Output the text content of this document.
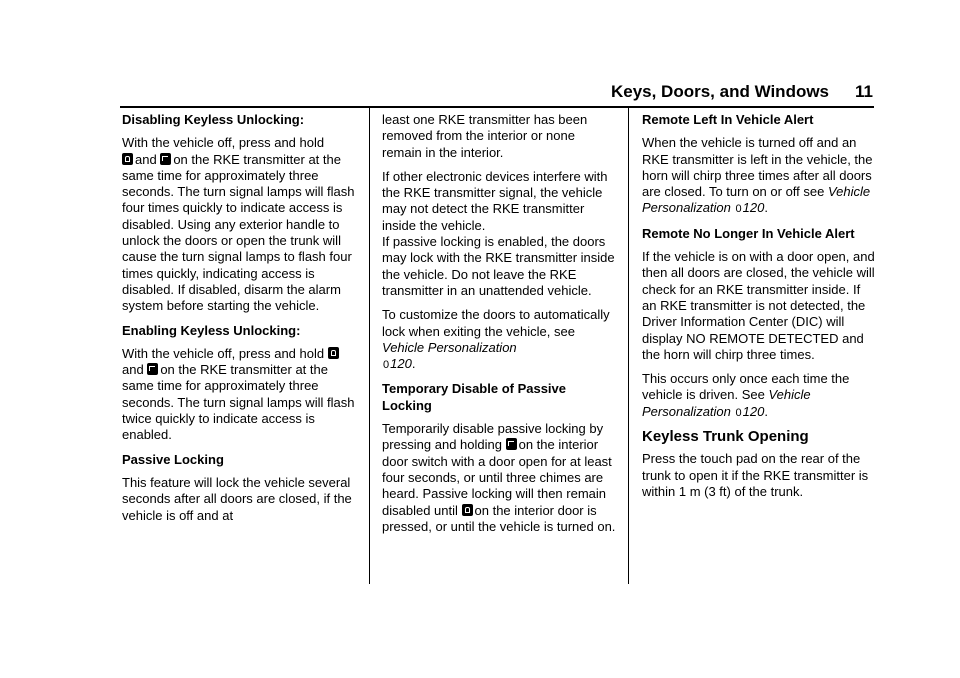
Keys, Doors, and Windows 11

Disabling Keyless Unlocking:

With the vehicle off, press and hold
and on the RKE transmitter at the same time for approximately three seconds. The turn signal lamps will flash four times quickly to indicate access is disabled. Using any exterior handle to unlock the doors or open the trunk will cause the turn signal lamps to flash four times quickly, indicating access is disabled. If disabled, disarm the alarm system before starting the vehicle.

Enabling Keyless Unlocking:

With the vehicle off, press and hold and on the RKE transmitter at the same time for approximately three seconds. The turn signal lamps will flash twice quickly to indicate access is enabled.

Passive Locking

This feature will lock the vehicle several seconds after all doors are closed, if the vehicle is off and at

least one RKE transmitter has been removed from the interior or none remain in the interior.

If other electronic devices interfere with the RKE transmitter signal, the vehicle may not detect the RKE transmitter inside the vehicle.

If passive locking is enabled, the doors may lock with the RKE transmitter inside the vehicle. Do not leave the RKE transmitter in an unattended vehicle.

To customize the doors to automatically lock when exiting the vehicle, see Vehicle Personalization
0120.

Temporary Disable of Passive Locking

Temporarily disable passive locking by pressing and holding on the interior door switch with a door open for at least four seconds, or until three chimes are heard. Passive locking will then remain disabled until on the interior door is pressed, or until the vehicle is turned on.

Remote Left In Vehicle Alert

When the vehicle is turned off and an RKE transmitter is left in the vehicle, the horn will chirp three times after all doors are closed. To turn on or off see Vehicle Personalization 0120.

Remote No Longer In Vehicle Alert

If the vehicle is on with a door open, and then all doors are closed, the vehicle will check for an RKE transmitter inside. If an RKE transmitter is not detected, the Driver Information Center (DIC) will display NO REMOTE DETECTED and the horn will chirp three times.

This occurs only once each time the vehicle is driven. See Vehicle Personalization 0120.

Keyless Trunk Opening

Press the touch pad on the rear of the trunk to open it if the RKE transmitter is within 1 m (3 ft) of the trunk.
